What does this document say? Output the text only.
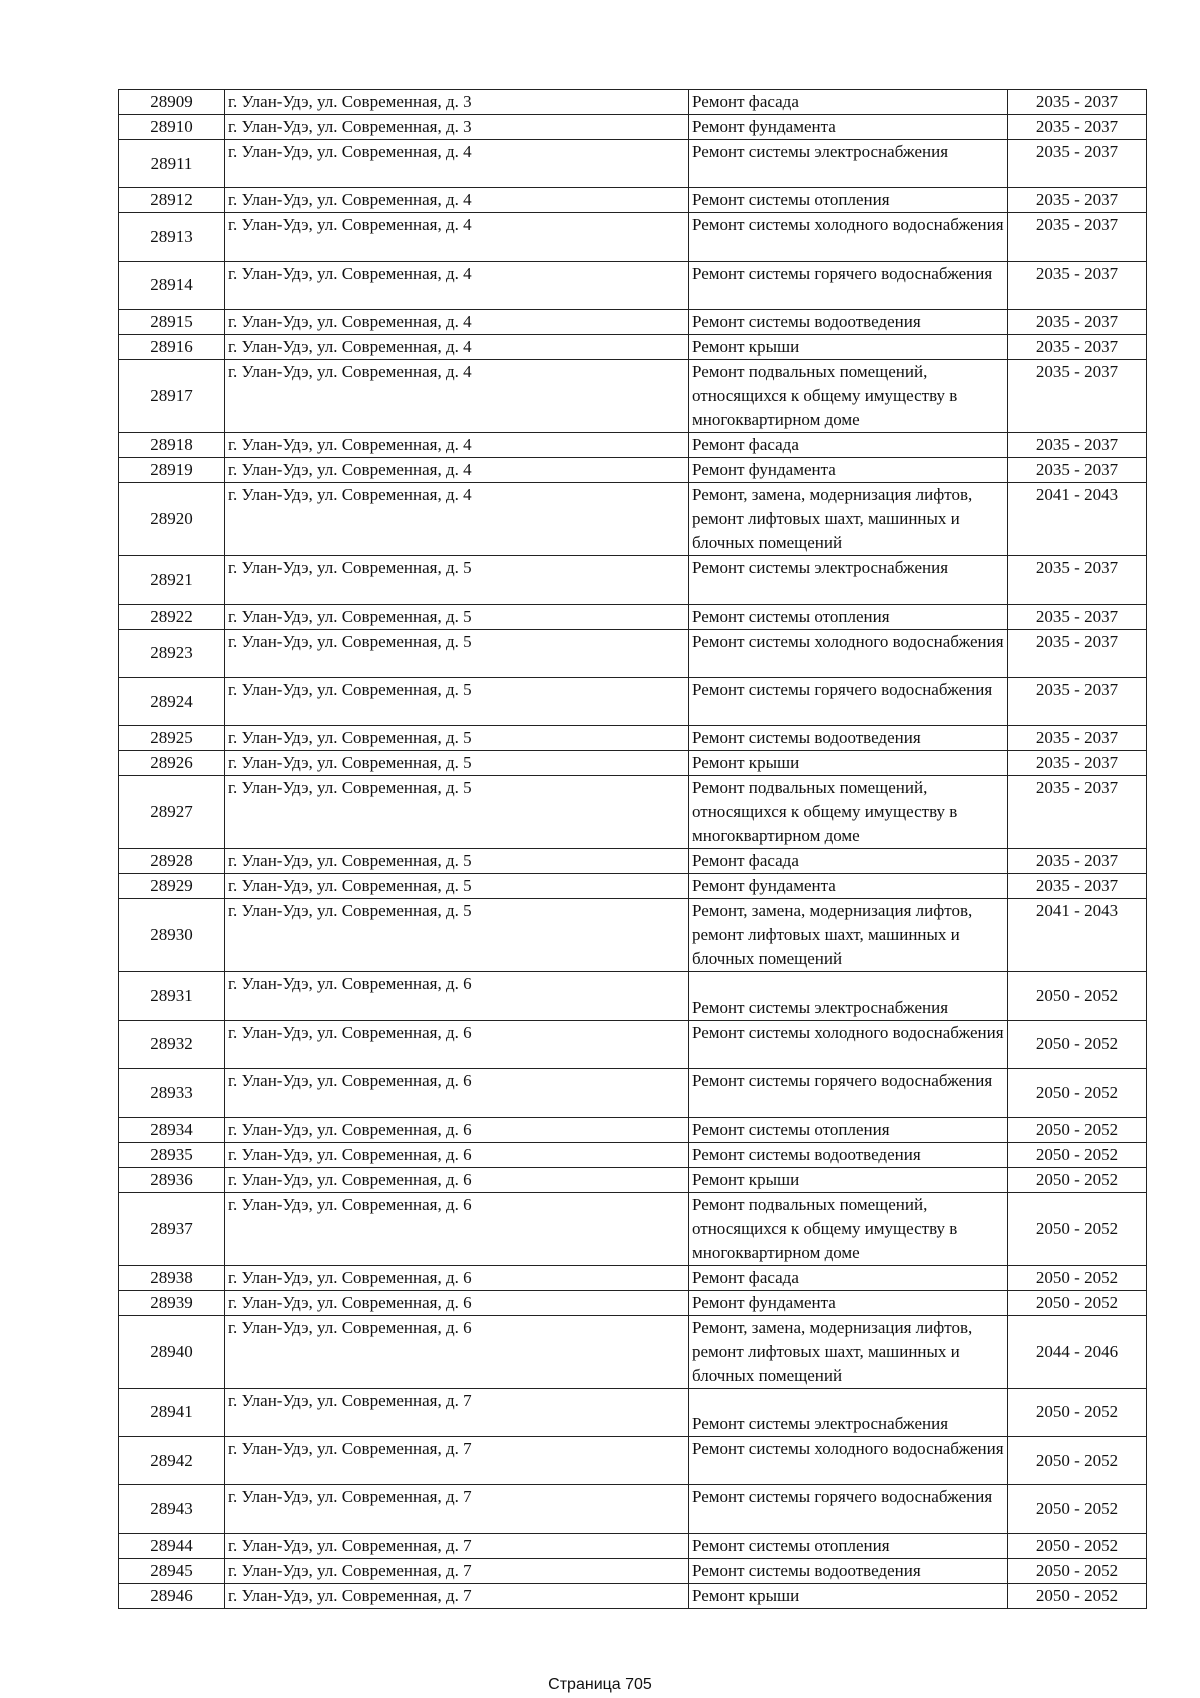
28909	г. Улан-Удэ, ул. Современная, д. 3	Ремонт фасада	2035 - 2037
28910	г. Улан-Удэ, ул. Современная, д. 3	Ремонт фундамента	2035 - 2037
28911	г. Улан-Удэ, ул. Современная, д. 4	Ремонт системы электроснабжения	2035 - 2037
28912	г. Улан-Удэ, ул. Современная, д. 4	Ремонт системы отопления	2035 - 2037
28913	г. Улан-Удэ, ул. Современная, д. 4	Ремонт системы холодного водоснабжения	2035 - 2037
28914	г. Улан-Удэ, ул. Современная, д. 4	Ремонт системы горячего водоснабжения	2035 - 2037
28915	г. Улан-Удэ, ул. Современная, д. 4	Ремонт системы водоотведения	2035 - 2037
28916	г. Улан-Удэ, ул. Современная, д. 4	Ремонт крыши	2035 - 2037
28917	г. Улан-Удэ, ул. Современная, д. 4	Ремонт подвальных помещений, относящихся к общему имуществу в многоквартирном доме	2035 - 2037
28918	г. Улан-Удэ, ул. Современная, д. 4	Ремонт фасада	2035 - 2037
28919	г. Улан-Удэ, ул. Современная, д. 4	Ремонт фундамента	2035 - 2037
28920	г. Улан-Удэ, ул. Современная, д. 4	Ремонт, замена, модернизация лифтов, ремонт лифтовых шахт, машинных и блочных помещений	2041 - 2043
28921	г. Улан-Удэ, ул. Современная, д. 5	Ремонт системы электроснабжения	2035 - 2037
28922	г. Улан-Удэ, ул. Современная, д. 5	Ремонт системы отопления	2035 - 2037
28923	г. Улан-Удэ, ул. Современная, д. 5	Ремонт системы холодного водоснабжения	2035 - 2037
28924	г. Улан-Удэ, ул. Современная, д. 5	Ремонт системы горячего водоснабжения	2035 - 2037
28925	г. Улан-Удэ, ул. Современная, д. 5	Ремонт системы водоотведения	2035 - 2037
28926	г. Улан-Удэ, ул. Современная, д. 5	Ремонт крыши	2035 - 2037
28927	г. Улан-Удэ, ул. Современная, д. 5	Ремонт подвальных помещений, относящихся к общему имуществу в многоквартирном доме	2035 - 2037
28928	г. Улан-Удэ, ул. Современная, д. 5	Ремонт фасада	2035 - 2037
28929	г. Улан-Удэ, ул. Современная, д. 5	Ремонт фундамента	2035 - 2037
28930	г. Улан-Удэ, ул. Современная, д. 5	Ремонт, замена, модернизация лифтов, ремонт лифтовых шахт, машинных и блочных помещений	2041 - 2043
28931	г. Улан-Удэ, ул. Современная, д. 6	Ремонт системы электроснабжения	2050 - 2052
28932	г. Улан-Удэ, ул. Современная, д. 6	Ремонт системы холодного водоснабжения	2050 - 2052
28933	г. Улан-Удэ, ул. Современная, д. 6	Ремонт системы горячего водоснабжения	2050 - 2052
28934	г. Улан-Удэ, ул. Современная, д. 6	Ремонт системы отопления	2050 - 2052
28935	г. Улан-Удэ, ул. Современная, д. 6	Ремонт системы водоотведения	2050 - 2052
28936	г. Улан-Удэ, ул. Современная, д. 6	Ремонт крыши	2050 - 2052
28937	г. Улан-Удэ, ул. Современная, д. 6	Ремонт подвальных помещений, относящихся к общему имуществу в многоквартирном доме	2050 - 2052
28938	г. Улан-Удэ, ул. Современная, д. 6	Ремонт фасада	2050 - 2052
28939	г. Улан-Удэ, ул. Современная, д. 6	Ремонт фундамента	2050 - 2052
28940	г. Улан-Удэ, ул. Современная, д. 6	Ремонт, замена, модернизация лифтов, ремонт лифтовых шахт, машинных и блочных помещений	2044 - 2046
28941	г. Улан-Удэ, ул. Современная, д. 7	Ремонт системы электроснабжения	2050 - 2052
28942	г. Улан-Удэ, ул. Современная, д. 7	Ремонт системы холодного водоснабжения	2050 - 2052
28943	г. Улан-Удэ, ул. Современная, д. 7	Ремонт системы горячего водоснабжения	2050 - 2052
28944	г. Улан-Удэ, ул. Современная, д. 7	Ремонт системы отопления	2050 - 2052
28945	г. Улан-Удэ, ул. Современная, д. 7	Ремонт системы водоотведения	2050 - 2052
28946	г. Улан-Удэ, ул. Современная, д. 7	Ремонт крыши	2050 - 2052
Страница 705
